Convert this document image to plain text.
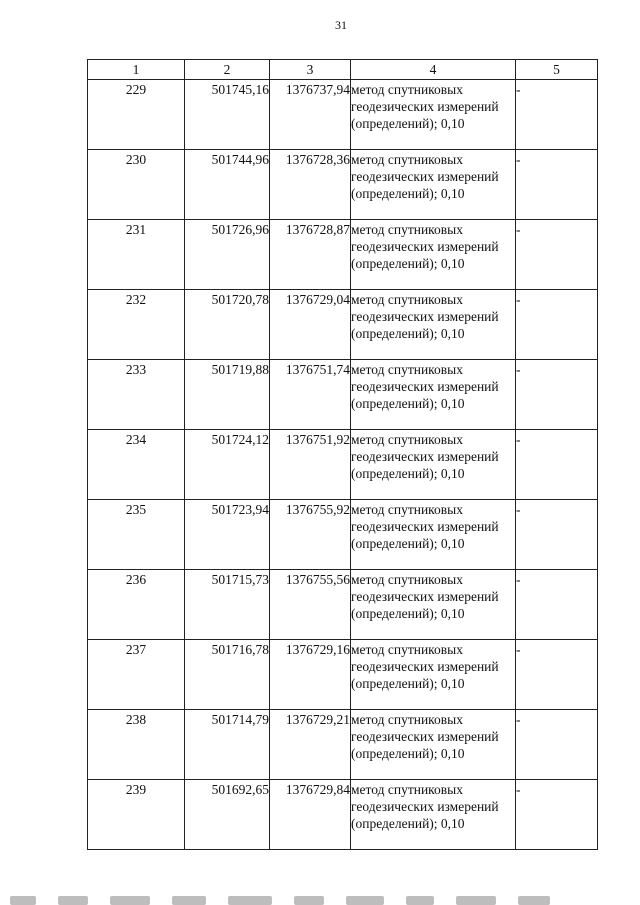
31
1	2	3	4	5
229	501745,16	1376737,94	метод спутниковых геодезических измерений (определений); 0,10	-
230	501744,96	1376728,36	метод спутниковых геодезических измерений (определений); 0,10	-
231	501726,96	1376728,87	метод спутниковых геодезических измерений (определений); 0,10	-
232	501720,78	1376729,04	метод спутниковых геодезических измерений (определений); 0,10	-
233	501719,88	1376751,74	метод спутниковых геодезических измерений (определений); 0,10	-
234	501724,12	1376751,92	метод спутниковых геодезических измерений (определений); 0,10	-
235	501723,94	1376755,92	метод спутниковых геодезических измерений (определений); 0,10	-
236	501715,73	1376755,56	метод спутниковых геодезических измерений (определений); 0,10	-
237	501716,78	1376729,16	метод спутниковых геодезических измерений (определений); 0,10	-
238	501714,79	1376729,21	метод спутниковых геодезических измерений (определений); 0,10	-
239	501692,65	1376729,84	метод спутниковых геодезических измерений (определений); 0,10	-
